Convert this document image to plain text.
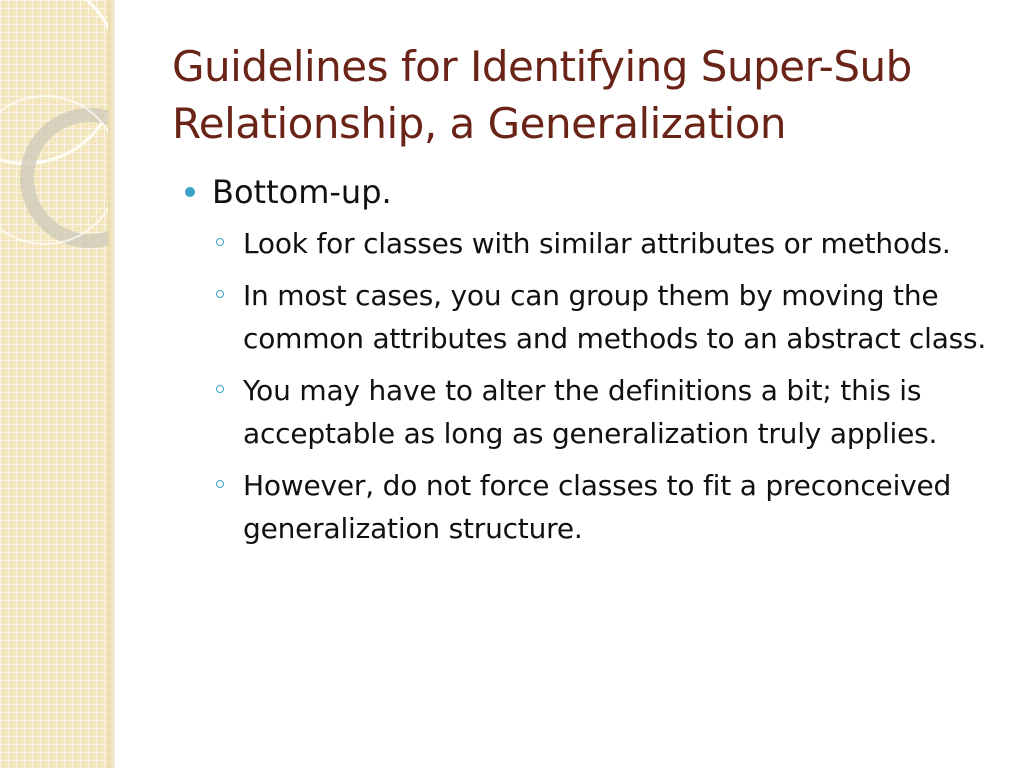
Guidelines for Identifying Super-Sub
Relationship, a Generalization
Bottom-up.
Look for classes with similar attributes or methods.
In most cases, you can group them by moving the common attributes and methods to an abstract class.
You may have to alter the definitions a bit; this is acceptable as long as generalization truly applies.
However, do not force classes to fit a preconceived generalization structure.
